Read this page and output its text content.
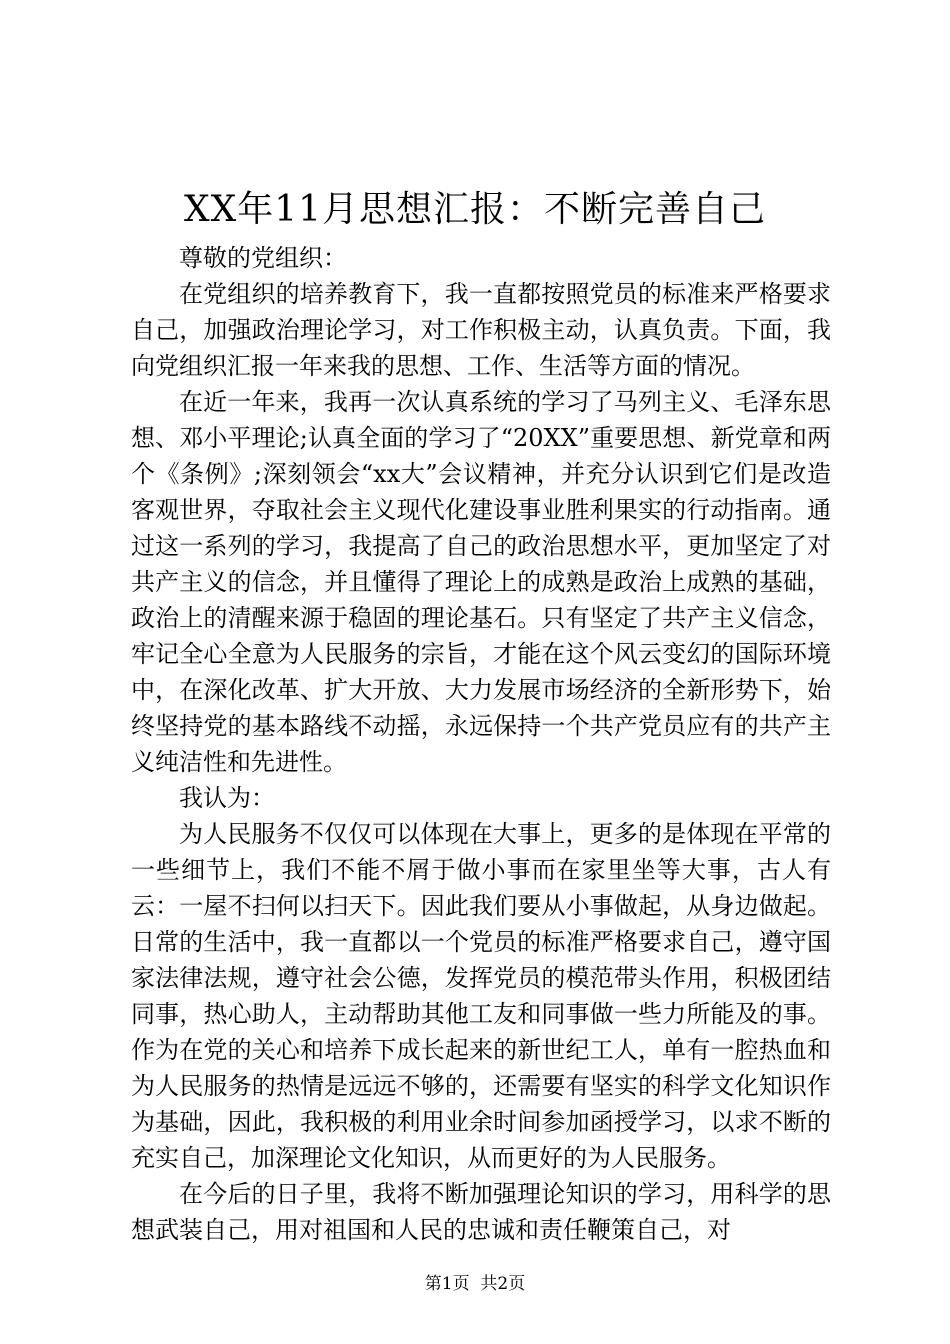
XX年11月思想汇报：不断完善自己

尊敬的党组织：

在党组织的培养教育下，我一直都按照党员的标准来严格要求自己，加强政治理论学习，对工作积极主动，认真负责。下面，我向党组织汇报一年来我的思想、工作、生活等方面的情况。

在近一年来，我再一次认真系统的学习了马列主义、毛泽东思想、邓小平理论;认真全面的学习了“20XX”重要思想、新党章和两个《条例》;深刻领会“xx大”会议精神，并充分认识到它们是改造客观世界，夺取社会主义现代化建设事业胜利果实的行动指南。通过这一系列的学习，我提高了自己的政治思想水平，更加坚定了对共产主义的信念，并且懂得了理论上的成熟是政治上成熟的基础，政治上的清醒来源于稳固的理论基石。只有坚定了共产主义信念，牢记全心全意为人民服务的宗旨，才能在这个风云变幻的国际环境中，在深化改革、扩大开放、大力发展市场经济的全新形势下，始终坚持党的基本路线不动摇，永远保持一个共产党员应有的共产主义纯洁性和先进性。

我认为：

为人民服务不仅仅可以体现在大事上，更多的是体现在平常的一些细节上，我们不能不屑于做小事而在家里坐等大事，古人有云：一屋不扫何以扫天下。因此我们要从小事做起，从身边做起。日常的生活中，我一直都以一个党员的标准严格要求自己，遵守国家法律法规，遵守社会公德，发挥党员的模范带头作用，积极团结同事，热心助人，主动帮助其他工友和同事做一些力所能及的事。作为在党的关心和培养下成长起来的新世纪工人，单有一腔热血和为人民服务的热情是远远不够的，还需要有坚实的科学文化知识作为基础，因此，我积极的利用业余时间参加函授学习，以求不断的充实自己，加深理论文化知识，从而更好的为人民服务。

在今后的日子里，我将不断加强理论知识的学习，用科学的思想武装自己，用对祖国和人民的忠诚和责任鞭策自己，对

第1页 共2页
